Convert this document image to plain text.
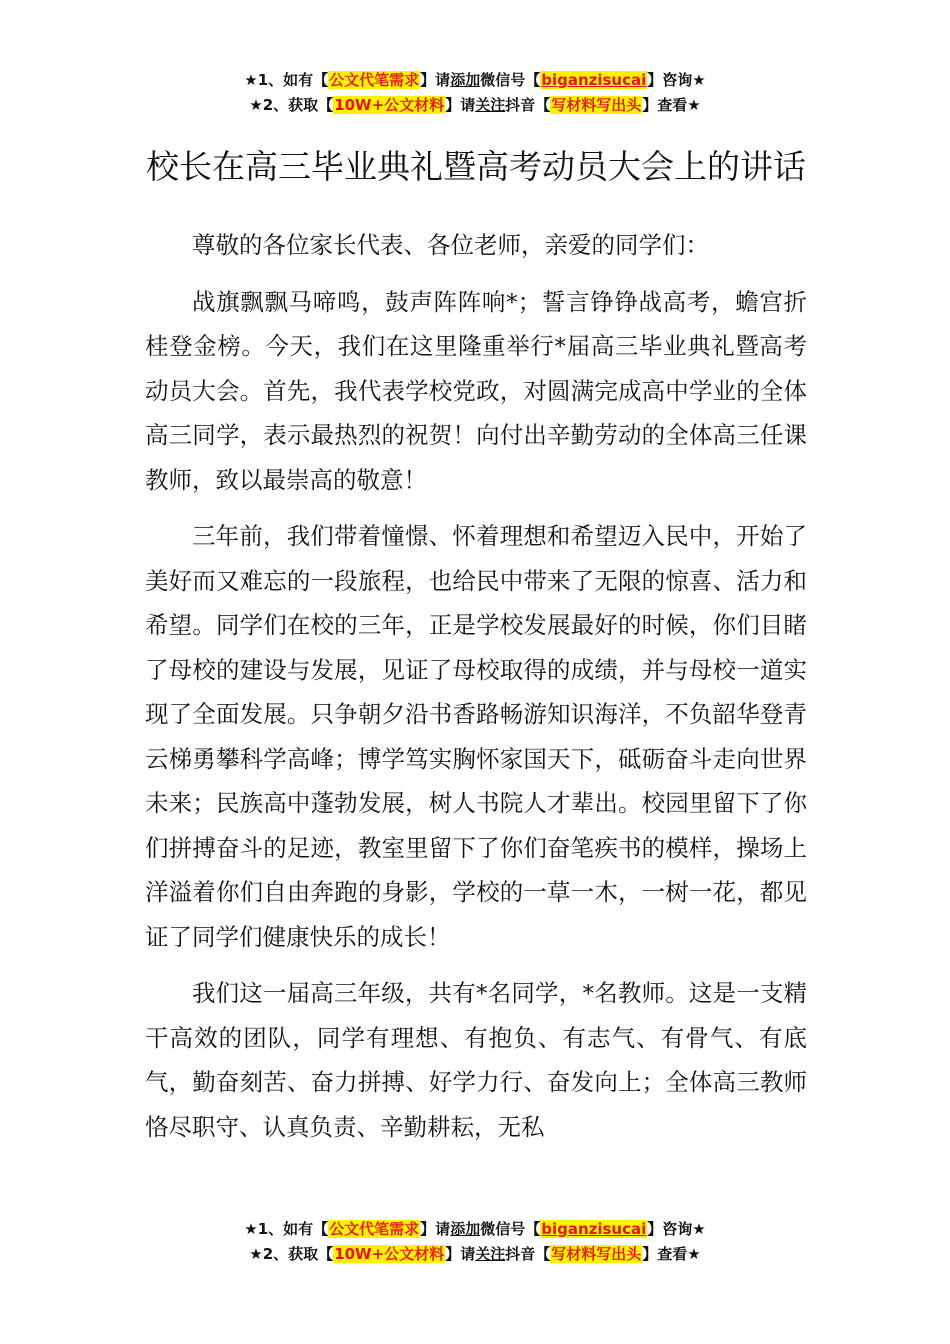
★1、如有【公文代笔需求】请添加微信号【biganzisucai】咨询★
★2、获取【10W+公文材料】请关注抖音【写材料写出头】查看★
校长在高三毕业典礼暨高考动员大会上的讲话

尊敬的各位家长代表、各位老师，亲爱的同学们：

战旗飘飘马啼鸣，鼓声阵阵响*；誓言铮铮战高考，蟾宫折桂登金榜。今天，我们在这里隆重举行*届高三毕业典礼暨高考动员大会。首先，我代表学校党政，对圆满完成高中学业的全体高三同学，表示最热烈的祝贺！向付出辛勤劳动的全体高三任课教师，致以最崇高的敬意！

三年前，我们带着憧憬、怀着理想和希望迈入民中，开始了美好而又难忘的一段旅程，也给民中带来了无限的惊喜、活力和希望。同学们在校的三年，正是学校发展最好的时候，你们目睹了母校的建设与发展，见证了母校取得的成绩，并与母校一道实现了全面发展。只争朝夕沿书香路畅游知识海洋，不负韶华登青云梯勇攀科学高峰；博学笃实胸怀家国天下，砥砺奋斗走向世界未来；民族高中蓬勃发展，树人书院人才辈出。校园里留下了你们拼搏奋斗的足迹，教室里留下了你们奋笔疾书的模样，操场上洋溢着你们自由奔跑的身影，学校的一草一木，一树一花，都见证了同学们健康快乐的成长！

我们这一届高三年级，共有*名同学，*名教师。这是一支精干高效的团队，同学有理想、有抱负、有志气、有骨气、有底气，勤奋刻苦、奋力拼搏、好学力行、奋发向上；全体高三教师恪尽职守、认真负责、辛勤耕耘，无私

★1、如有【公文代笔需求】请添加微信号【biganzisucai】咨询★
★2、获取【10W+公文材料】请关注抖音【写材料写出头】查看★
